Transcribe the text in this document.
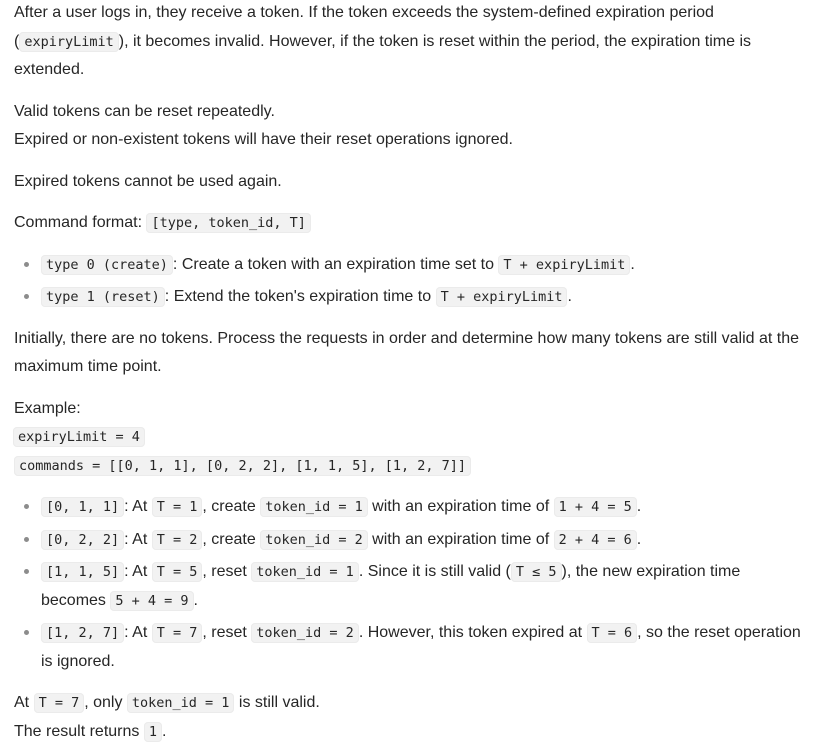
After a user logs in, they receive a token. If the token exceeds the system-defined expiration period
( expiryLimit ), it becomes invalid. However, if the token is reset within the period, the expiration time is extended.

Valid tokens can be reset repeatedly.
Expired or non-existent tokens will have their reset operations ignored.

Expired tokens cannot be used again.

Command format: [type, token_id, T]

type 0 (create) : Create a token with an expiration time set to T + expiryLimit .
type 1 (reset) : Extend the token's expiration time to T + expiryLimit .

Initially, there are no tokens. Process the requests in order and determine how many tokens are still valid at the maximum time point.

Example:

expiryLimit = 4

commands = [[0, 1, 1], [0, 2, 2], [1, 1, 5], [1, 2, 7]]

[0, 1, 1] : At T = 1 , create token_id = 1 with an expiration time of 1 + 4 = 5 .
[0, 2, 2] : At T = 2 , create token_id = 2 with an expiration time of 2 + 4 = 6 .
[1, 1, 5] : At T = 5 , reset token_id = 1 . Since it is still valid ( T ≤ 5 ), the new expiration time becomes 5 + 4 = 9 .
[1, 2, 7] : At T = 7 , reset token_id = 2 . However, this token expired at T = 6 , so the reset operation is ignored.

At T = 7 , only token_id = 1 is still valid.

The result returns 1 .
